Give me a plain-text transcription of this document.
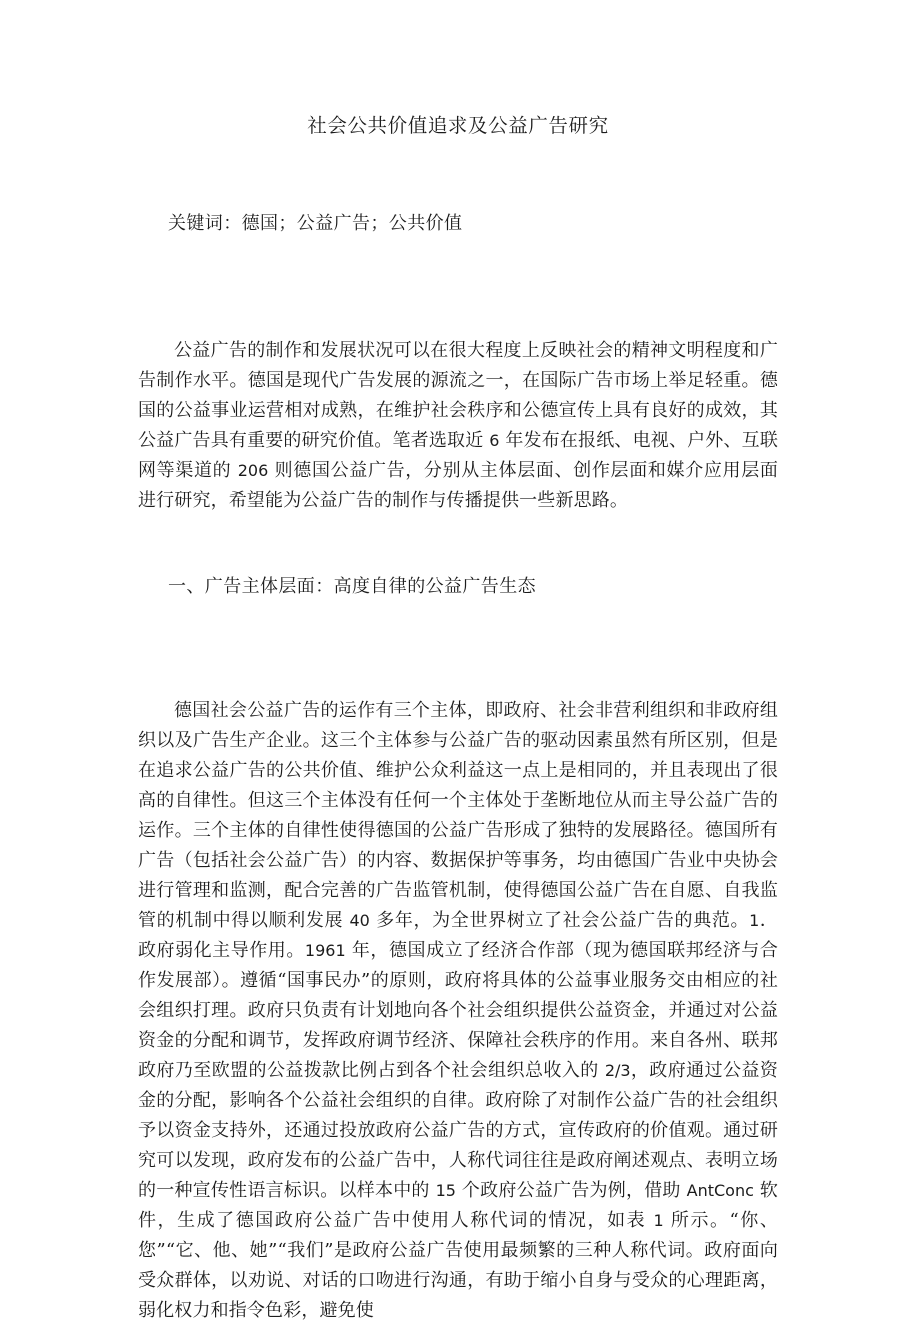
社会公共价值追求及公益广告研究
关键词：德国；公益广告；公共价值

公益广告的制作和发展状况可以在很大程度上反映社会的精神文明程度和广告制作水平。德国是现代广告发展的源流之一，在国际广告市场上举足轻重。德国的公益事业运营相对成熟，在维护社会秩序和公德宣传上具有良好的成效，其公益广告具有重要的研究价值。笔者选取近 6 年发布在报纸、电视、户外、互联网等渠道的 206 则德国公益广告，分别从主体层面、创作层面和媒介应用层面进行研究，希望能为公益广告的制作与传播提供一些新思路。

一、广告主体层面：高度自律的公益广告生态

德国社会公益广告的运作有三个主体，即政府、社会非营利组织和非政府组织以及广告生产企业。这三个主体参与公益广告的驱动因素虽然有所区别，但是在追求公益广告的公共价值、维护公众利益这一点上是相同的，并且表现出了很高的自律性。但这三个主体没有任何一个主体处于垄断地位从而主导公益广告的运作。三个主体的自律性使得德国的公益广告形成了独特的发展路径。德国所有广告（包括社会公益广告）的内容、数据保护等事务，均由德国广告业中央协会进行管理和监测，配合完善的广告监管机制，使得德国公益广告在自愿、自我监管的机制中得以顺利发展 40 多年，为全世界树立了社会公益广告的典范。1．政府弱化主导作用。1961 年，德国成立了经济合作部（现为德国联邦经济与合作发展部）。遵循“国事民办”的原则，政府将具体的公益事业服务交由相应的社会组织打理。政府只负责有计划地向各个社会组织提供公益资金，并通过对公益资金的分配和调节，发挥政府调节经济、保障社会秩序的作用。来自各州、联邦政府乃至欧盟的公益拨款比例占到各个社会组织总收入的 2/3，政府通过公益资金的分配，影响各个公益社会组织的自律。政府除了对制作公益广告的社会组织予以资金支持外，还通过投放政府公益广告的方式，宣传政府的价值观。通过研究可以发现，政府发布的公益广告中，人称代词往往是政府阐述观点、表明立场的一种宣传性语言标识。以样本中的 15 个政府公益广告为例，借助 AntConc 软件，生成了德国政府公益广告中使用人称代词的情况，如表 1 所示。“你、您”“它、他、她”“我们”是政府公益广告使用最频繁的三种人称代词。政府面向受众群体，以劝说、对话的口吻进行沟通，有助于缩小自身与受众的心理距离，弱化权力和指令色彩，避免使
